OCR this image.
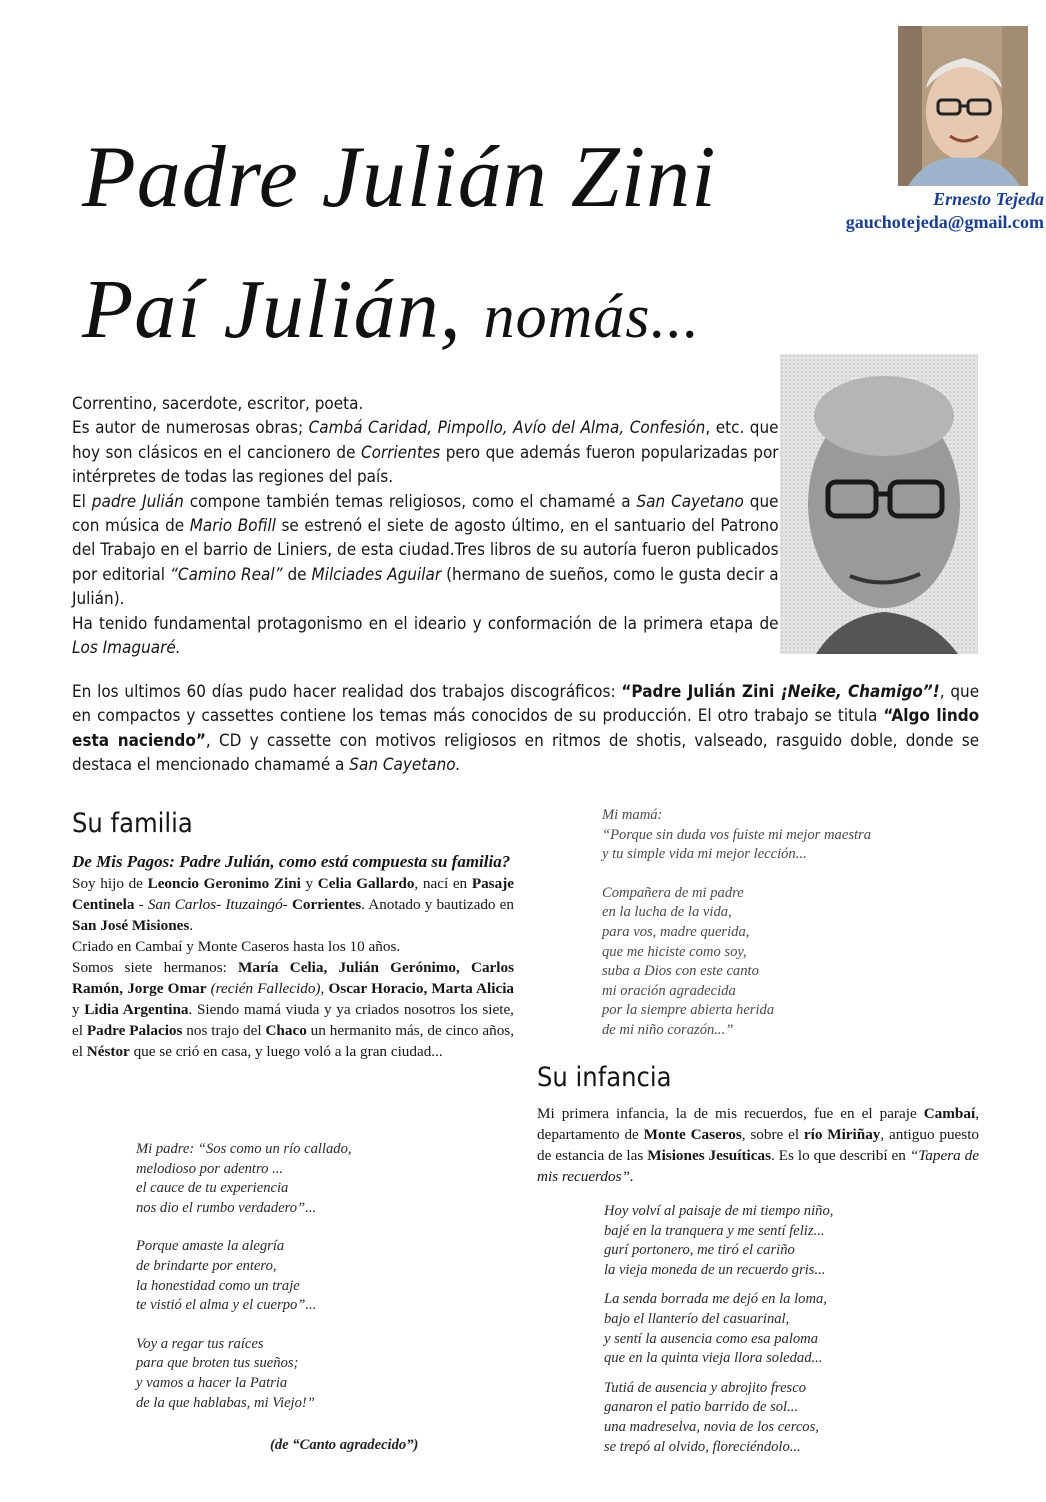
Ernesto Tejeda
gauchotejeda@gmail.com
Padre Julián Zini
Paí Julián, nomás...

Correntino, sacerdote, escritor, poeta.

Es autor de numerosas obras; Cambá Caridad, Pimpollo, Avío del Alma, Confesión, etc. que hoy son clásicos en el cancionero de Corrientes pero que además fueron popularizadas por intérpretes de todas las regiones del país.

El padre Julián compone también temas religiosos, como el chamamé a San Cayetano que con música de Mario Bofill se estrenó el siete de agosto último, en el santuario del Patrono del Trabajo en el barrio de Liniers, de esta ciudad.Tres libros de su autoría fueron publicados por editorial “Camino Real” de Milciades Aguilar (hermano de sueños, como le gusta decir a Julián).

Ha tenido fundamental protagonismo en el ideario y conformación de la primera etapa de Los Imaguaré.

En los ultimos 60 días pudo hacer realidad dos trabajos discográficos: “Padre Julián Zini ¡Neike, Chamigo”!, que en compactos y cassettes contiene los temas más conocidos de su producción. El otro trabajo se titula “Algo lindo esta naciendo”, CD y cassette con motivos religiosos en ritmos de shotis, valseado, rasguido doble, donde se destaca el mencionado chamamé a San Cayetano.

Su familia

De Mis Pagos: Padre Julián, como está compuesta su familia?

Soy hijo de Leoncio Geronimo Zini y Celia Gallardo, nací en Pasaje Centinela - San Carlos- Ituzaingó- Corrientes. Anotado y bautizado en San José Misiones.

Criado en Cambaí y Monte Caseros hasta los 10 años.

Somos siete hermanos: María Celia, Julián Gerónimo, Carlos Ramón, Jorge Omar (recién Fallecido), Oscar Horacio, Marta Alicia y Lidia Argentina. Siendo mamá viuda y ya criados nosotros los siete, el Padre Palacios nos trajo del Chaco un hermanito más, de cinco años, el Néstor que se crió en casa, y luego voló a la gran ciudad...

Mi padre: “Sos como un río callado,
melodioso por adentro ...
el cauce de tu experiencia
nos dio el rumbo verdadero”...

Porque amaste la alegría
de brindarte por entero,
la honestidad como un traje
te vistió el alma y el cuerpo”...

Voy a regar tus raíces
para que broten tus sueños;
y vamos a hacer la Patria
de la que hablabas, mi Viejo!”

(de “Canto agradecido”)

Mi mamá:
“Porque sin duda vos fuiste mi mejor maestra
y tu simple vida mi mejor lección...

Compañera de mi padre
en la lucha de la vida,
para vos, madre querida,
que me hiciste como soy,
suba a Dios con este canto
mi oración agradecida
por la siempre abierta herida
de mi niño corazón...”

Su infancia

Mi primera infancia, la de mis recuerdos, fue en el paraje Cambaí, departamento de Monte Caseros, sobre el río Miriñay, antiguo puesto de estancia de las Misiones Jesuíticas. Es lo que describí en “Tapera de mis recuerdos”.

Hoy volví al paisaje de mi tiempo niño,
bajé en la tranquera y me sentí feliz...
gurí portonero, me tiró el cariño
la vieja moneda de un recuerdo gris...

La senda borrada me dejó en la loma,
bajo el llanterío del casuarinal,
y sentí la ausencia como esa paloma
que en la quinta vieja llora soledad...

Tutiá de ausencia y abrojito fresco
ganaron el patio barrido de sol...
una madreselva, novia de los cercos,
se trepó al olvido, floreciéndolo...
